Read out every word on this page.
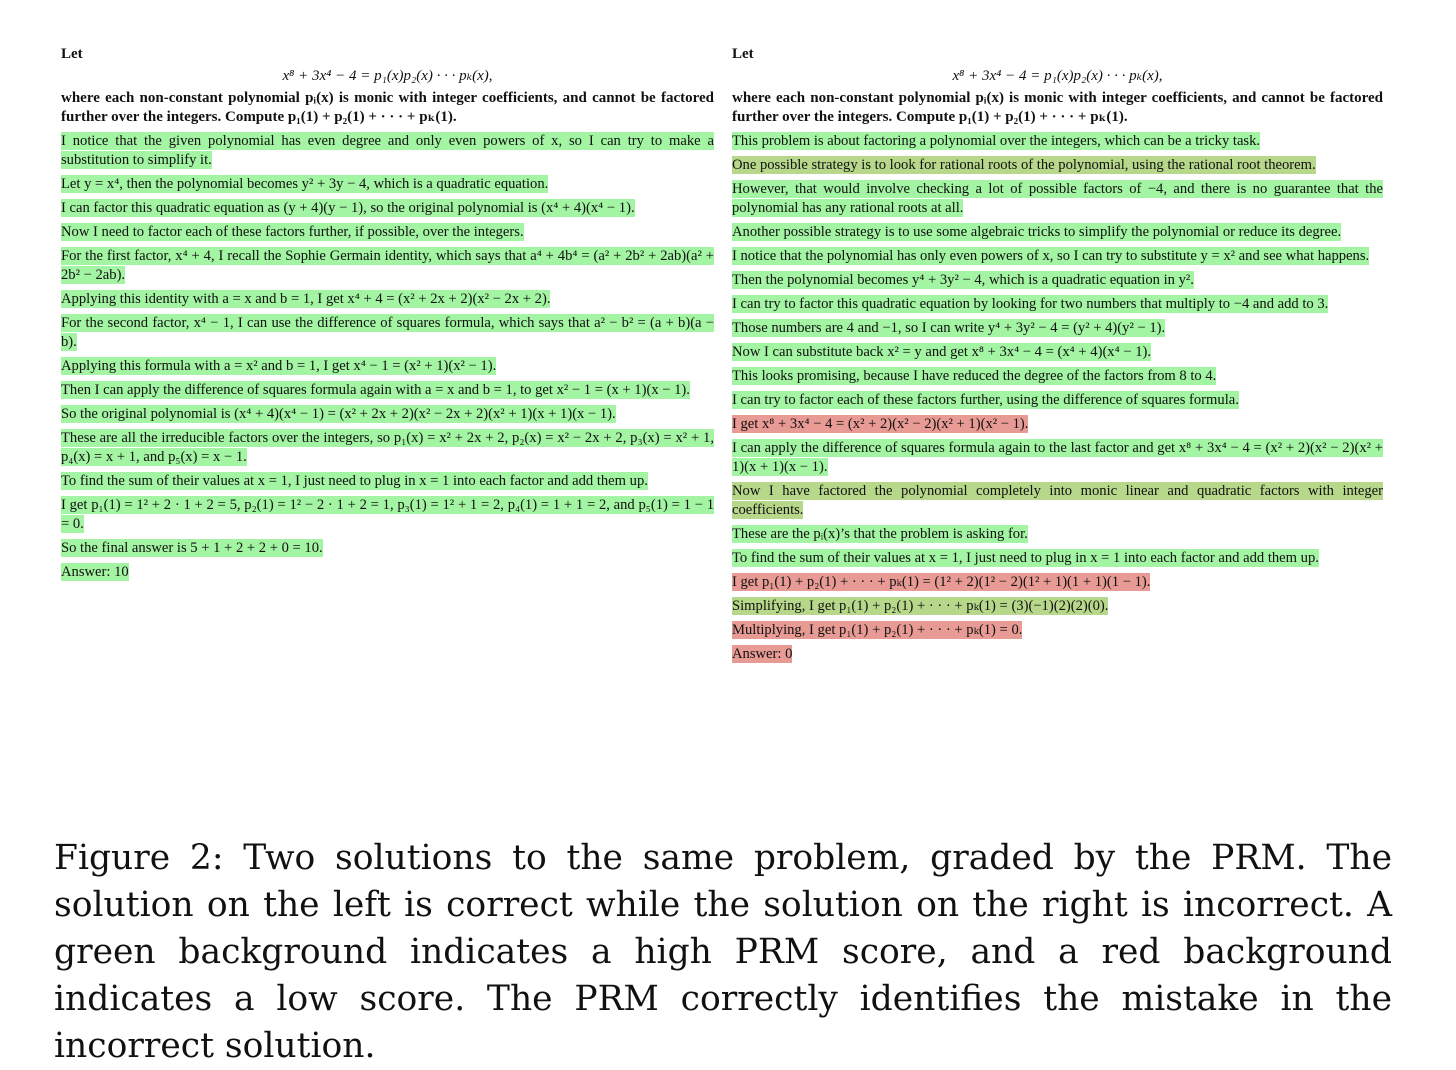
Let

x⁸ + 3x⁴ − 4 = p₁(x)p₂(x) · · · pₖ(x),

where each non-constant polynomial pᵢ(x) is monic with integer coefficients, and cannot be factored further over the integers. Compute p₁(1) + p₂(1) + · · · + pₖ(1).

I notice that the given polynomial has even degree and only even powers of x, so I can try to make a substitution to simplify it.

Let y = x⁴, then the polynomial becomes y² + 3y − 4, which is a quadratic equation.

I can factor this quadratic equation as (y + 4)(y − 1), so the original polynomial is (x⁴ + 4)(x⁴ − 1).

Now I need to factor each of these factors further, if possible, over the integers.

For the first factor, x⁴ + 4, I recall the Sophie Germain identity, which says that a⁴ + 4b⁴ = (a² + 2b² + 2ab)(a² + 2b² − 2ab).

Applying this identity with a = x and b = 1, I get x⁴ + 4 = (x² + 2x + 2)(x² − 2x + 2).

For the second factor, x⁴ − 1, I can use the difference of squares formula, which says that a² − b² = (a + b)(a − b).

Applying this formula with a = x² and b = 1, I get x⁴ − 1 = (x² + 1)(x² − 1).

Then I can apply the difference of squares formula again with a = x and b = 1, to get x² − 1 = (x + 1)(x − 1).

So the original polynomial is (x⁴ + 4)(x⁴ − 1) = (x² + 2x + 2)(x² − 2x + 2)(x² + 1)(x + 1)(x − 1).

These are all the irreducible factors over the integers, so p₁(x) = x² + 2x + 2, p₂(x) = x² − 2x + 2, p₃(x) = x² + 1, p₄(x) = x + 1, and p₅(x) = x − 1.

To find the sum of their values at x = 1, I just need to plug in x = 1 into each factor and add them up.

I get p₁(1) = 1² + 2 · 1 + 2 = 5, p₂(1) = 1² − 2 · 1 + 2 = 1, p₃(1) = 1² + 1 = 2, p₄(1) = 1 + 1 = 2, and p₅(1) = 1 − 1 = 0.

So the final answer is 5 + 1 + 2 + 2 + 0 = 10.

Answer: 10

Let

x⁸ + 3x⁴ − 4 = p₁(x)p₂(x) · · · pₖ(x),

where each non-constant polynomial pᵢ(x) is monic with integer coefficients, and cannot be factored further over the integers. Compute p₁(1) + p₂(1) + · · · + pₖ(1).

This problem is about factoring a polynomial over the integers, which can be a tricky task.

One possible strategy is to look for rational roots of the polynomial, using the rational root theorem.

However, that would involve checking a lot of possible factors of −4, and there is no guarantee that the polynomial has any rational roots at all.

Another possible strategy is to use some algebraic tricks to simplify the polynomial or reduce its degree.

I notice that the polynomial has only even powers of x, so I can try to substitute y = x² and see what happens.

Then the polynomial becomes y⁴ + 3y² − 4, which is a quadratic equation in y².

I can try to factor this quadratic equation by looking for two numbers that multiply to −4 and add to 3.

Those numbers are 4 and −1, so I can write y⁴ + 3y² − 4 = (y² + 4)(y² − 1).

Now I can substitute back x² = y and get x⁸ + 3x⁴ − 4 = (x⁴ + 4)(x⁴ − 1).

This looks promising, because I have reduced the degree of the factors from 8 to 4.

I can try to factor each of these factors further, using the difference of squares formula.

I get x⁸ + 3x⁴ − 4 = (x² + 2)(x² − 2)(x² + 1)(x² − 1).

I can apply the difference of squares formula again to the last factor and get x⁸ + 3x⁴ − 4 = (x² + 2)(x² − 2)(x² + 1)(x + 1)(x − 1).

Now I have factored the polynomial completely into monic linear and quadratic factors with integer coefficients.

These are the pᵢ(x)’s that the problem is asking for.

To find the sum of their values at x = 1, I just need to plug in x = 1 into each factor and add them up.

I get p₁(1) + p₂(1) + · · · + pₖ(1) = (1² + 2)(1² − 2)(1² + 1)(1 + 1)(1 − 1).

Simplifying, I get p₁(1) + p₂(1) + · · · + pₖ(1) = (3)(−1)(2)(2)(0).

Multiplying, I get p₁(1) + p₂(1) + · · · + pₖ(1) = 0.

Answer: 0

Figure 2: Two solutions to the same problem, graded by the PRM. The solution on the left is correct while the solution on the right is incorrect. A green background indicates a high PRM score, and a red background indicates a low score. The PRM correctly identifies the mistake in the incorrect solution.
